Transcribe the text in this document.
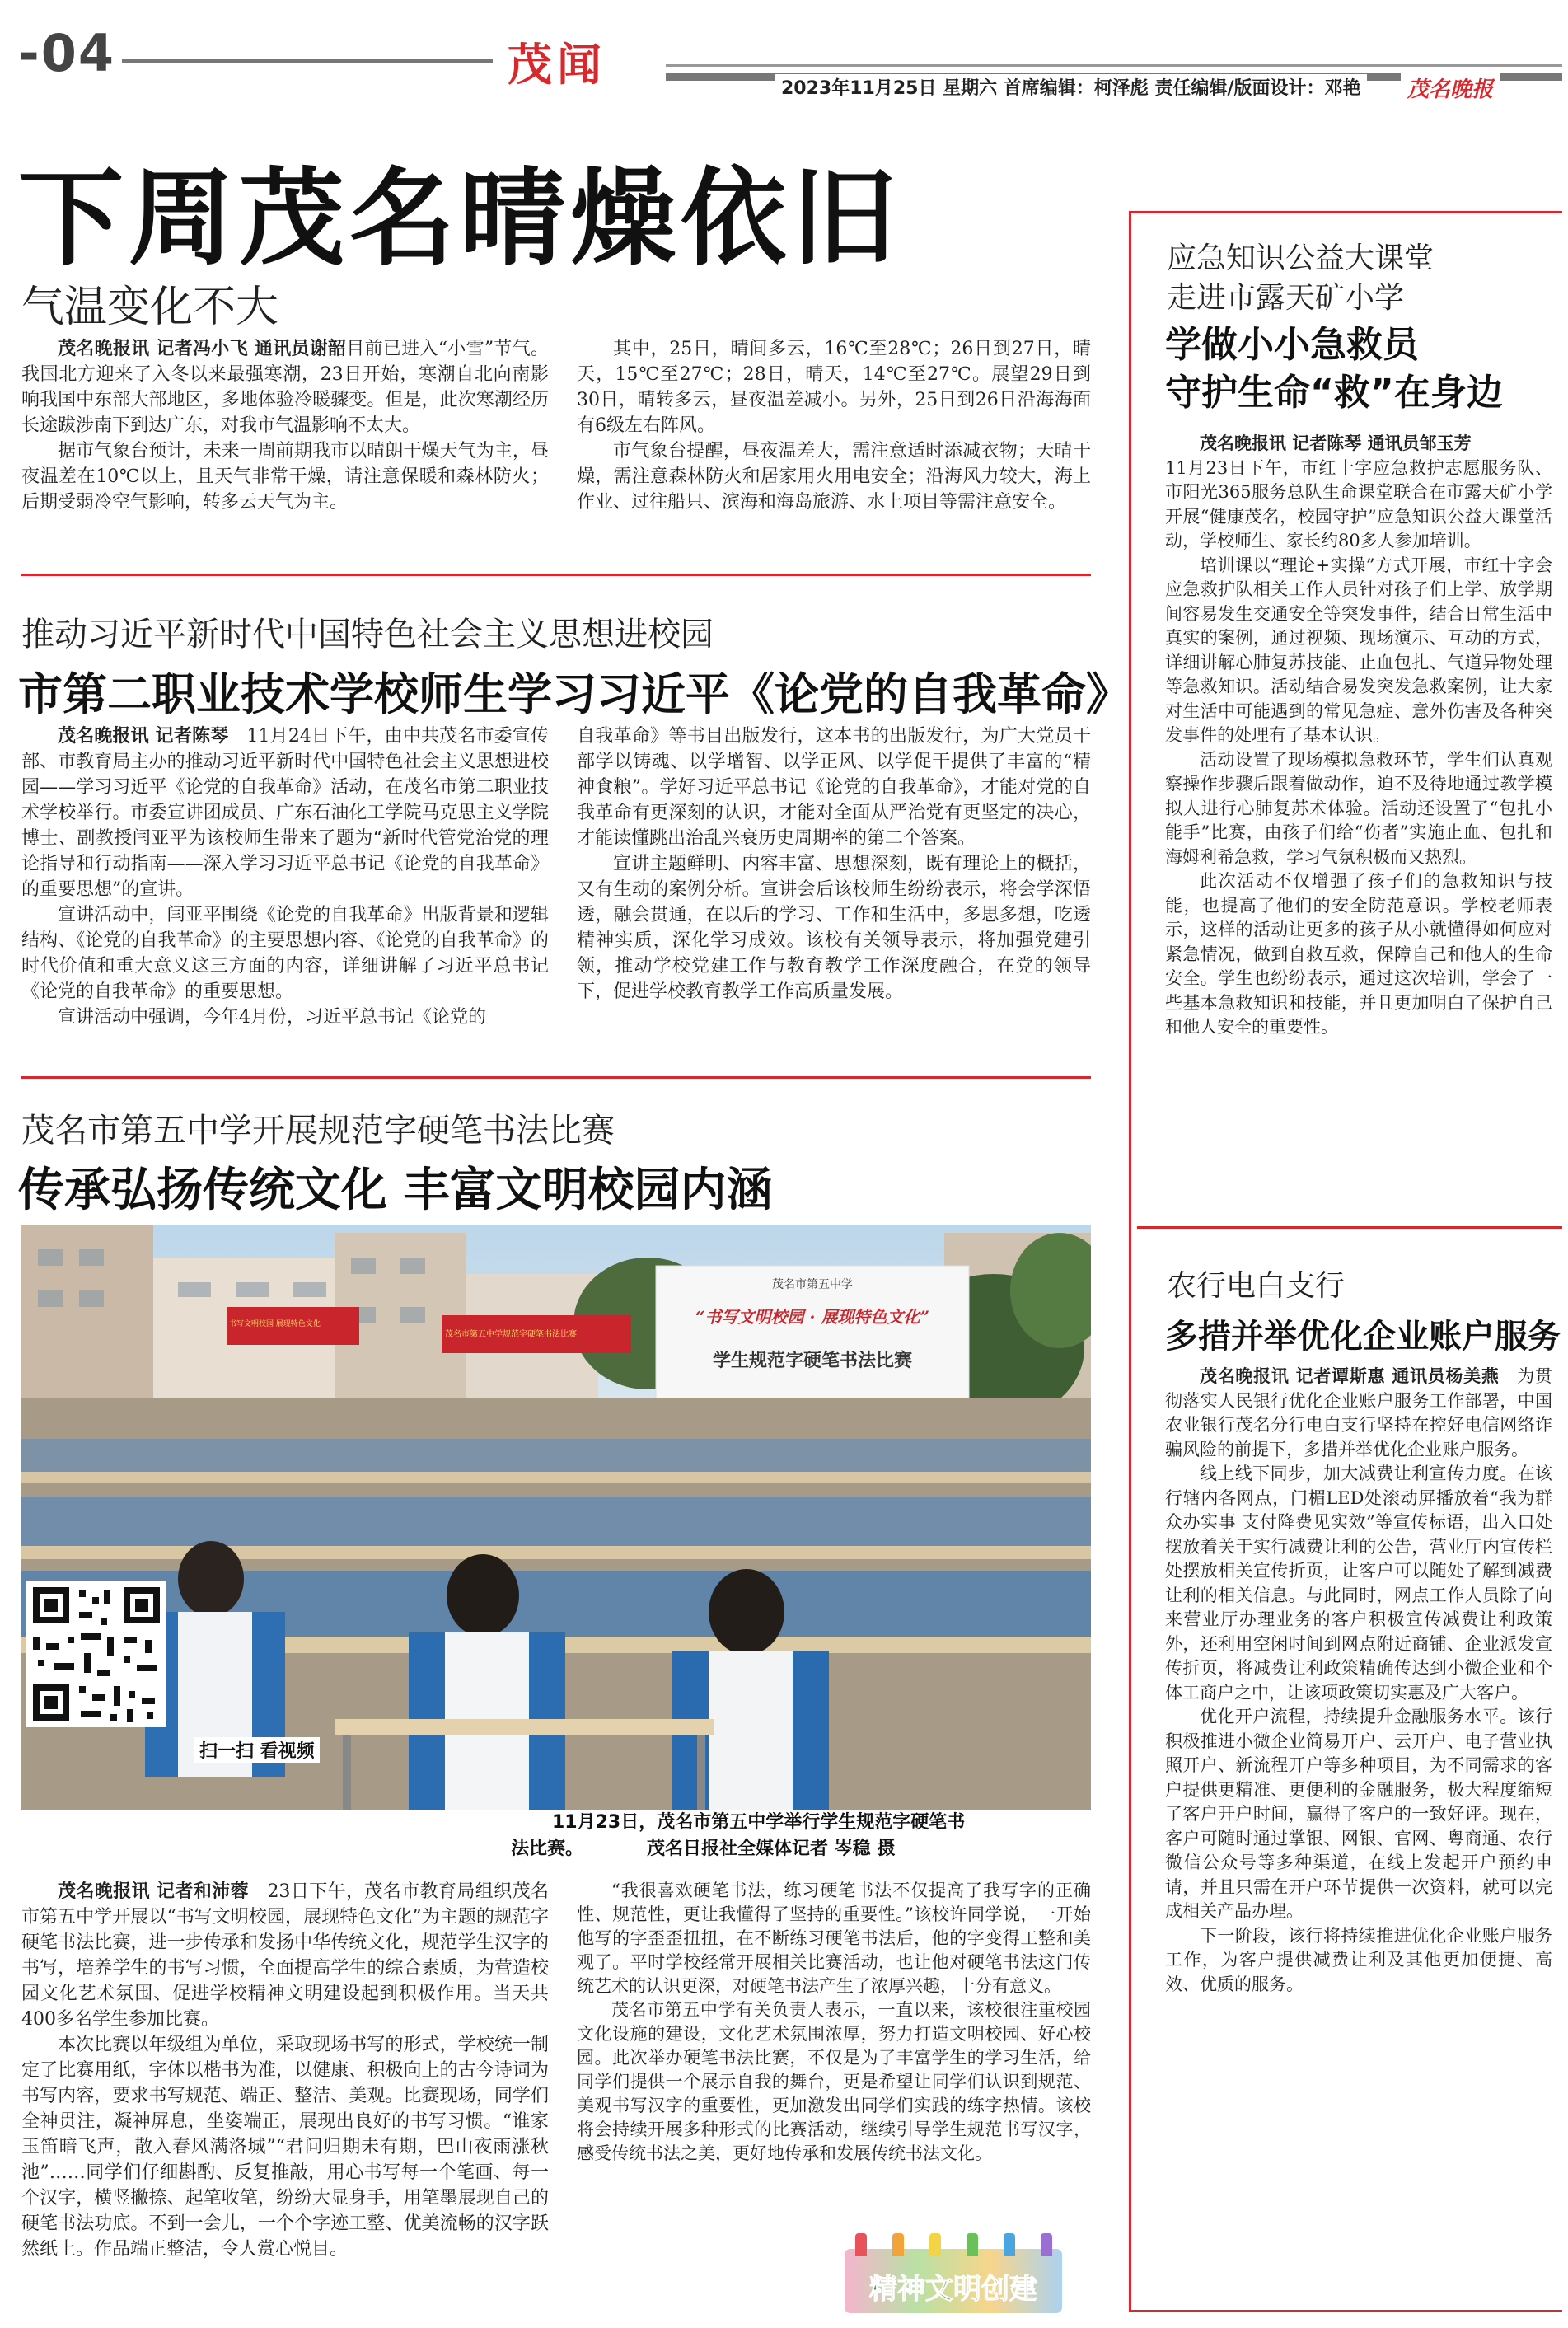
-04	茂闻	2023年11月25日 星期六 首席编辑：柯泽彪 责任编辑/版面设计：邓艳	茂名晚报
下周茂名晴燥依旧
气温变化不大

茂名晚报讯 记者冯小飞 通讯员谢韶目前已进入“小雪”节气。我国北方迎来了入冬以来最强寒潮，23日开始，寒潮自北向南影响我国中东部大部地区，多地体验冷暖骤变。但是，此次寒潮经历长途跋涉南下到达广东，对我市气温影响不太大。

据市气象台预计，未来一周前期我市以晴朗干燥天气为主，昼夜温差在10℃以上，且天气非常干燥，请注意保暖和森林防火；后期受弱冷空气影响，转多云天气为主。

其中，25日，晴间多云，16℃至28℃；26日到27日，晴天，15℃至27℃；28日，晴天，14℃至27℃。展望29日到30日，晴转多云，昼夜温差减小。另外，25日到26日沿海海面有6级左右阵风。

市气象台提醒，昼夜温差大，需注意适时添减衣物；天晴干燥，需注意森林防火和居家用火用电安全；沿海风力较大，海上作业、过往船只、滨海和海岛旅游、水上项目等需注意安全。

推动习近平新时代中国特色社会主义思想进校园
市第二职业技术学校师生学习习近平《论党的自我革命》

茂名晚报讯 记者陈琴　 11月24日下午，由中共茂名市委宣传部、市教育局主办的推动习近平新时代中国特色社会主义思想进校园——学习习近平《论党的自我革命》活动，在茂名市第二职业技术学校举行。市委宣讲团成员、广东石油化工学院马克思主义学院博士、副教授闫亚平为该校师生带来了题为“新时代管党治党的理论指导和行动指南——深入学习习近平总书记《论党的自我革命》的重要思想”的宣讲。

宣讲活动中，闫亚平围绕《论党的自我革命》出版背景和逻辑结构、《论党的自我革命》的主要思想内容、《论党的自我革命》的时代价值和重大意义这三方面的内容，详细讲解了习近平总书记《论党的自我革命》的重要思想。

宣讲活动中强调，今年4月份，习近平总书记《论党的

自我革命》等书目出版发行，这本书的出版发行，为广大党员干部学以铸魂、以学增智、以学正风、以学促干提供了丰富的“精神食粮”。学好习近平总书记《论党的自我革命》，才能对党的自我革命有更深刻的认识，才能对全面从严治党有更坚定的决心，才能读懂跳出治乱兴衰历史周期率的第二个答案。

宣讲主题鲜明、内容丰富、思想深刻，既有理论上的概括，又有生动的案例分析。宣讲会后该校师生纷纷表示，将会学深悟透，融会贯通，在以后的学习、工作和生活中，多思多想，吃透精神实质，深化学习成效。该校有关领导表示，将加强党建引领，推动学校党建工作与教育教学工作深度融合，在党的领导下，促进学校教育教学工作高质量发展。

茂名市第五中学开展规范字硬笔书法比赛
传承弘扬传统文化 丰富文明校园内涵
茂名市第五中学
“书写文明校园 · 展现特色文化”
学生规范字硬笔书法比赛
书写文明校园 展现特色文化
茂名市第五中学规范字硬笔书法比赛
扫一扫 看视频
11月23日，茂名市第五中学举行学生规范字硬笔书
法比赛。　　　　	茂名日报社全媒体记者 岑稳 摄

茂名晚报讯 记者和沛蓉　 23日下午，茂名市教育局组织茂名市第五中学开展以“书写文明校园，展现特色文化”为主题的规范字硬笔书法比赛，进一步传承和发扬中华传统文化，规范学生汉字的书写，培养学生的书写习惯，全面提高学生的综合素质，为营造校园文化艺术氛围、促进学校精神文明建设起到积极作用。当天共400多名学生参加比赛。

本次比赛以年级组为单位，采取现场书写的形式，学校统一制定了比赛用纸，字体以楷书为准，以健康、积极向上的古今诗词为书写内容，要求书写规范、端正、整洁、美观。比赛现场，同学们全神贯注，凝神屏息，坐姿端正，展现出良好的书写习惯。“谁家玉笛暗飞声，散入春风满洛城”“君问归期未有期，巴山夜雨涨秋池”……同学们仔细斟酌、反复推敲，用心书写每一个笔画、每一个汉字，横竖撇捺、起笔收笔，纷纷大显身手，用笔墨展现自己的硬笔书法功底。不到一会儿，一个个字迹工整、优美流畅的汉字跃然纸上。作品端正整洁，令人赏心悦目。

“我很喜欢硬笔书法，练习硬笔书法不仅提高了我写字的正确性、规范性，更让我懂得了坚持的重要性。”该校许同学说，一开始他写的字歪歪扭扭，在不断练习硬笔书法后，他的字变得工整和美观了。平时学校经常开展相关比赛活动，也让他对硬笔书法这门传统艺术的认识更深，对硬笔书法产生了浓厚兴趣，十分有意义。

茂名市第五中学有关负责人表示，一直以来，该校很注重校园文化设施的建设，文化艺术氛围浓厚，努力打造文明校园、好心校园。此次举办硬笔书法比赛，不仅是为了丰富学生的学习生活，给同学们提供一个展示自我的舞台，更是希望让同学们认识到规范、美观书写汉字的重要性，更加激发出同学们实践的练字热情。该校将会持续开展多种形式的比赛活动，继续引导学生规范书写汉字，感受传统书法之美，更好地传承和发展传统书法文化。

精神文明创建
应急知识公益大课堂
走进市露天矿小学
学做小小急救员
守护生命“救”在身边

茂名晚报讯 记者陈琴 通讯员邹玉芳

11月23日下午，市红十字应急救护志愿服务队、市阳光365服务总队生命课堂联合在市露天矿小学开展“健康茂名，校园守护”应急知识公益大课堂活动，学校师生、家长约80多人参加培训。

培训课以“理论+实操”方式开展，市红十字会应急救护队相关工作人员针对孩子们上学、放学期间容易发生交通安全等突发事件，结合日常生活中真实的案例，通过视频、现场演示、互动的方式，详细讲解心肺复苏技能、止血包扎、气道异物处理等急救知识。活动结合易发突发急救案例，让大家对生活中可能遇到的常见急症、意外伤害及各种突发事件的处理有了基本认识。

活动设置了现场模拟急救环节，学生们认真观察操作步骤后跟着做动作，迫不及待地通过教学模拟人进行心肺复苏术体验。活动还设置了“包扎小能手”比赛，由孩子们给“伤者”实施止血、包扎和海姆利希急救，学习气氛积极而又热烈。

此次活动不仅增强了孩子们的急救知识与技能，也提高了他们的安全防范意识。学校老师表示，这样的活动让更多的孩子从小就懂得如何应对紧急情况，做到自救互救，保障自己和他人的生命安全。学生也纷纷表示，通过这次培训，学会了一些基本急救知识和技能，并且更加明白了保护自己和他人安全的重要性。

农行电白支行
多措并举优化企业账户服务

茂名晚报讯 记者谭斯惠 通讯员杨美燕　 为贯彻落实人民银行优化企业账户服务工作部署，中国农业银行茂名分行电白支行坚持在控好电信网络诈骗风险的前提下，多措并举优化企业账户服务。

线上线下同步，加大减费让利宣传力度。在该行辖内各网点，门楣LED处滚动屏播放着“我为群众办实事 支付降费见实效”等宣传标语，出入口处摆放着关于实行减费让利的公告，营业厅内宣传栏处摆放相关宣传折页，让客户可以随处了解到减费让利的相关信息。与此同时，网点工作人员除了向来营业厅办理业务的客户积极宣传减费让利政策外，还利用空闲时间到网点附近商铺、企业派发宣传折页，将减费让利政策精确传达到小微企业和个体工商户之中，让该项政策切实惠及广大客户。

优化开户流程，持续提升金融服务水平。该行积极推进小微企业简易开户、云开户、电子营业执照开户、新流程开户等多种项目，为不同需求的客户提供更精准、更便利的金融服务，极大程度缩短了客户开户时间，赢得了客户的一致好评。现在，客户可随时通过掌银、网银、官网、粤商通、农行微信公众号等多种渠道，在线上发起开户预约申请，并且只需在开户环节提供一次资料，就可以完成相关产品办理。

下一阶段，该行将持续推进优化企业账户服务工作，为客户提供减费让利及其他更加便捷、高效、优质的服务。
